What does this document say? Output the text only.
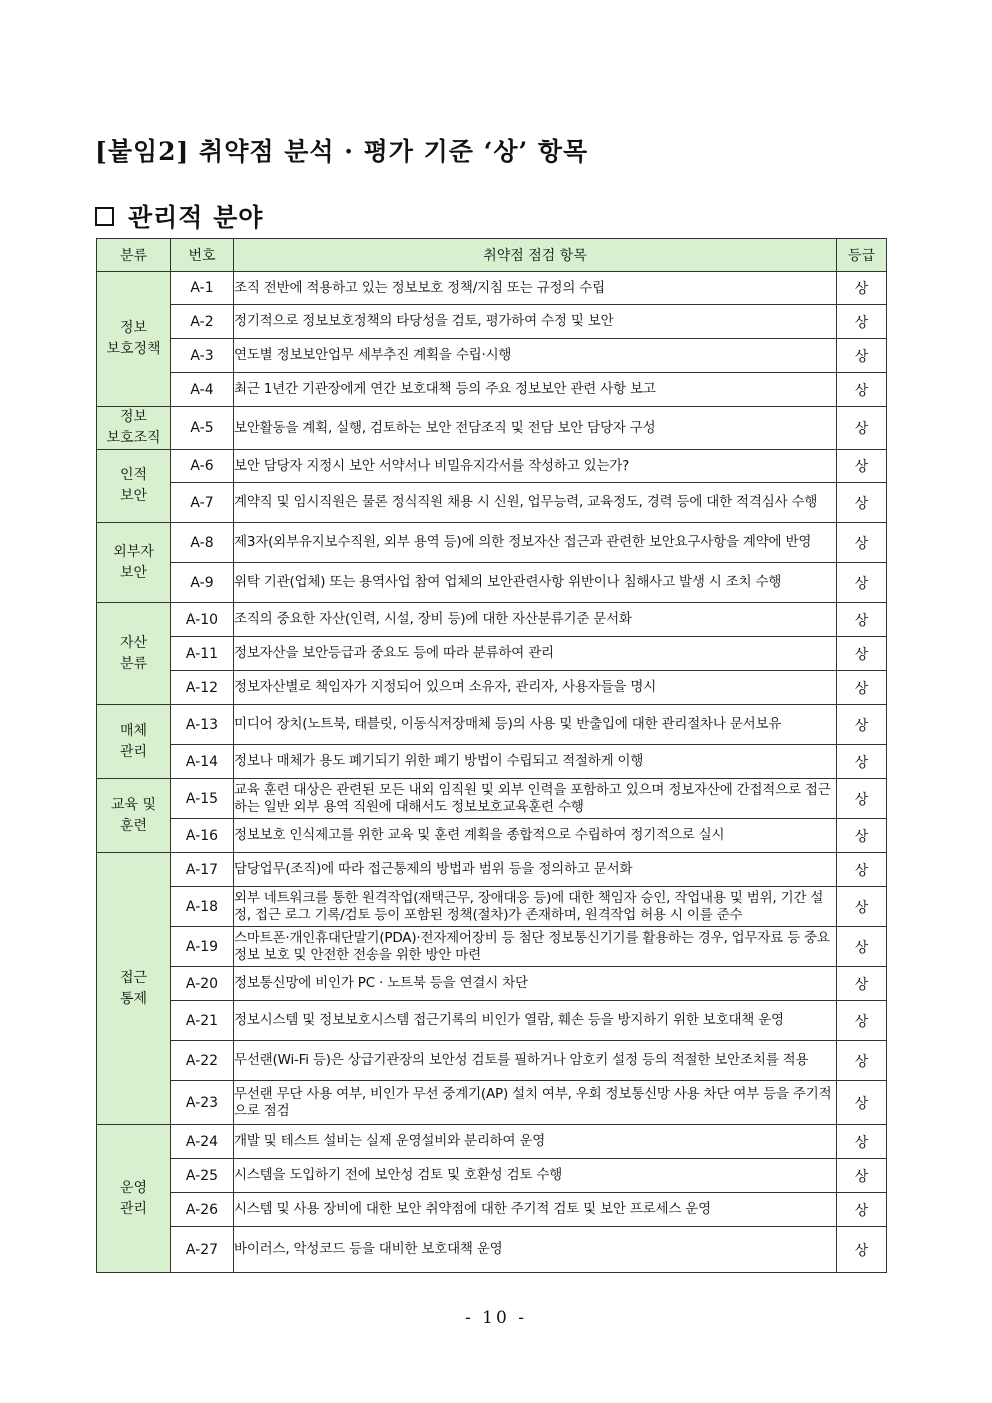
[붙임2] 취약점 분석 · 평가 기준 ‘상’ 항목
관리적 분야
분류	번호	취약점 점검 항목	등급
정보
보호정책	A-1	조직 전반에 적용하고 있는 정보보호 정책/지침 또는 규정의 수립	상
	A-2	정기적으로 정보보호정책의 타당성을 검토, 평가하여 수정 및 보안	상
	A-3	연도별 정보보안업무 세부추진 계획을 수립·시행	상
	A-4	최근 1년간 기관장에게 연간 보호대책 등의 주요 정보보안 관련 사항 보고	상
정보
보호조직	A-5	보안활동을 계획, 실행, 검토하는 보안 전담조직 및 전담 보안 담당자 구성	상
인적
보안	A-6	보안 담당자 지정시 보안 서약서나 비밀유지각서를 작성하고 있는가?	상
	A-7	계약직 및 임시직원은 물론 정식직원 채용 시 신원, 업무능력, 교육정도, 경력 등에 대한 적격심사 수행	상
외부자
보안	A-8	제3자(외부유지보수직원, 외부 용역 등)에 의한 정보자산 접근과 관련한 보안요구사항을 계약에 반영	상
	A-9	위탁 기관(업체) 또는 용역사업 참여 업체의 보안관련사항 위반이나 침해사고 발생 시 조치 수행	상
자산
분류	A-10	조직의 중요한 자산(인력, 시설, 장비 등)에 대한 자산분류기준 문서화	상
	A-11	정보자산을 보안등급과 중요도 등에 따라 분류하여 관리	상
	A-12	정보자산별로 책임자가 지정되어 있으며 소유자, 관리자, 사용자들을 명시	상
매체
관리	A-13	미디어 장치(노트북, 태블릿, 이동식저장매체 등)의 사용 및 반출입에 대한 관리절차나 문서보유	상
	A-14	정보나 매체가 용도 폐기되기 위한 폐기 방법이 수립되고 적절하게 이행	상
교육 및
훈련	A-15	교육 훈련 대상은 관련된 모든 내외 임직원 및 외부 인력을 포함하고 있으며 정보자산에 간접적으로 접근하는 일반 외부 용역 직원에 대해서도 정보보호교육훈련 수행	상
	A-16	정보보호 인식제고를 위한 교육 및 훈련 계획을 종합적으로 수립하여 정기적으로 실시	상
접근
통제	A-17	담당업무(조직)에 따라 접근통제의 방법과 범위 등을 정의하고 문서화	상
	A-18	외부 네트워크를 통한 원격작업(재택근무, 장애대응 등)에 대한 책임자 승인, 작업내용 및 범위, 기간 설정, 접근 로그 기록/검토 등이 포함된 정책(절차)가 존재하며, 원격작업 허용 시 이를 준수	상
	A-19	스마트폰·개인휴대단말기(PDA)·전자제어장비 등 첨단 정보통신기기를 활용하는 경우, 업무자료 등 중요정보 보호 및 안전한 전송을 위한 방안 마련	상
	A-20	정보통신망에 비인가 PC · 노트북 등을 연결시 차단	상
	A-21	정보시스템 및 정보보호시스템 접근기록의 비인가 열람, 훼손 등을 방지하기 위한 보호대책 운영	상
	A-22	무선랜(Wi-Fi 등)은 상급기관장의 보안성 검토를 필하거나 암호키 설정 등의 적절한 보안조치를 적용	상
	A-23	무선랜 무단 사용 여부, 비인가 무선 중계기(AP) 설치 여부, 우회 정보통신망 사용 차단 여부 등을 주기적으로 점검	상
운영
관리	A-24	개발 및 테스트 설비는 실제 운영설비와 분리하여 운영	상
	A-25	시스템을 도입하기 전에 보안성 검토 및 호환성 검토 수행	상
	A-26	시스템 및 사용 장비에 대한 보안 취약점에 대한 주기적 검토 및 보안 프로세스 운영	상
	A-27	바이러스, 악성코드 등을 대비한 보호대책 운영	상
- 10 -
